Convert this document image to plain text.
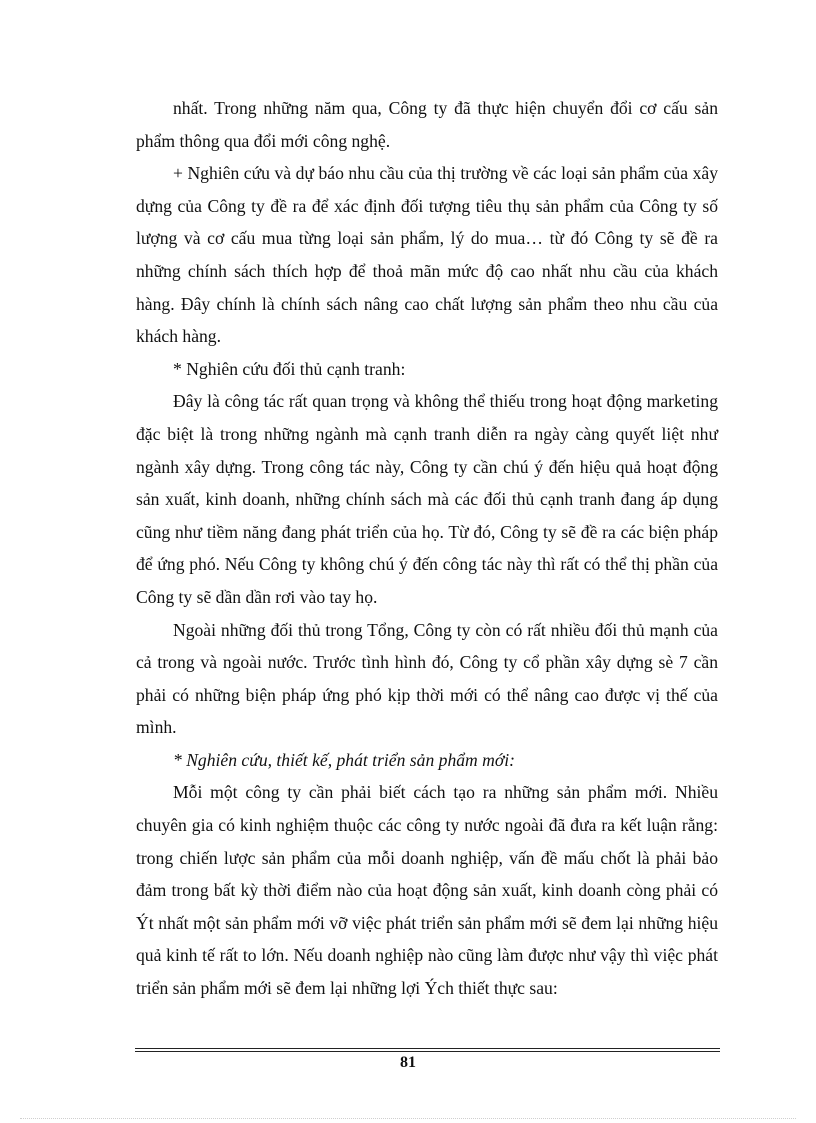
nhất. Trong những năm qua, Công ty đã thực hiện chuyển đổi cơ cấu sản phẩm thông qua đổi mới công nghệ.

+ Nghiên cứu và dự báo nhu cầu của thị trường về các loại sản phẩm của xây dựng của Công ty đề ra để xác định đối tượng tiêu thụ sản phẩm của Công ty số lượng và cơ cấu mua từng loại sản phẩm, lý do mua… từ đó Công ty sẽ đề ra những chính sách thích hợp để thoả mãn mức độ cao nhất nhu cầu của khách hàng. Đây chính là chính sách nâng cao chất lượng sản phẩm theo nhu cầu của khách hàng.

* Nghiên cứu đối thủ cạnh tranh:

Đây là công tác rất quan trọng và không thể thiếu trong hoạt động marketing đặc biệt là trong những ngành mà cạnh tranh diễn ra ngày càng quyết liệt như ngành xây dựng. Trong công tác này, Công ty cần chú ý đến hiệu quả hoạt động sản xuất, kinh doanh, những chính sách mà các đối thủ cạnh tranh đang áp dụng cũng như tiềm năng đang phát triển của họ. Từ đó, Công ty sẽ đề ra các biện pháp để ứng phó. Nếu Công ty không chú ý đến công tác này thì rất có thể thị phần của Công ty sẽ dần dần rơi vào tay họ.

Ngoài những đối thủ trong Tổng, Công ty còn có rất nhiều đối thủ mạnh của cả trong và ngoài nước. Trước tình hình đó, Công ty cổ phần xây dựng sè 7 cần phải có những biện pháp ứng phó kịp thời mới có thể nâng cao được vị thế của mình.

* Nghiên cứu, thiết kế, phát triển sản phẩm mới:

Mỗi một công ty cần phải biết cách tạo ra những sản phẩm mới. Nhiều chuyên gia có kinh nghiệm thuộc các công ty nước ngoài đã đưa ra kết luận rằng: trong chiến lược sản phẩm của mỗi doanh nghiệp, vấn đề mấu chốt là phải bảo đảm trong bất kỳ thời điểm nào của hoạt động sản xuất, kinh doanh còng phải có Ýt nhất một sản phẩm mới vỡ việc phát triển sản phẩm mới sẽ đem lại những hiệu quả kinh tế rất to lớn. Nếu doanh nghiệp nào cũng làm được như vậy thì việc phát triển sản phẩm mới sẽ đem lại những lợi Ých thiết thực sau:

81
